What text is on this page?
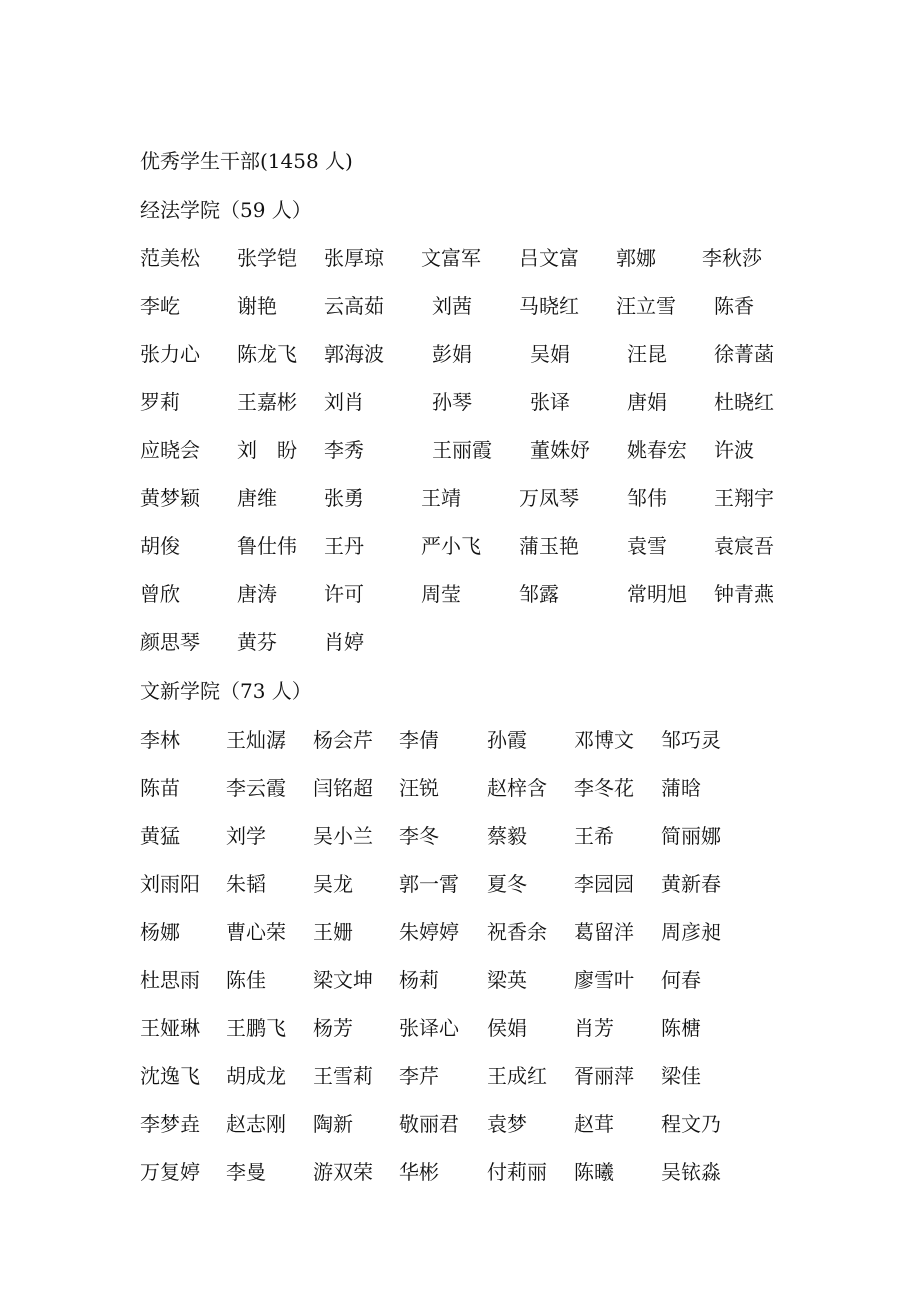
优秀学生干部(1458 人)
经法学院（59 人）
范美松 张学铠 张厚琼 文富军 吕文富 郭娜 李秋莎
李屹	谢艳 云高茹 刘茜 马晓红 汪立雪 陈香
张力心 陈龙飞 郭海波 彭娟	吴娟	汪昆 徐菁菡
罗莉	王嘉彬 刘肖	孙琴	张译	唐娟 杜晓红
应晓会 刘　盼 李秀	王丽霞 董姝妤 姚春宏 许波
黄梦颖 唐维 张勇	王靖	万凤琴 邹伟 王翔宇
胡俊	鲁仕伟 王丹	严小飞 蒲玉艳 袁雪 袁宸吾
曾欣	唐涛 许可	周莹	邹露	常明旭 钟青燕
颜思琴 黄芬 肖婷
文新学院（73 人）
李林 王灿潺 杨会芹 李倩 孙霞 邓博文 邹巧灵
陈苗 李云霞 闫铭超 汪锐 赵梓含 李冬花 蒲晗
黄猛 刘学 吴小兰 李冬 蔡毅 王希 简丽娜
刘雨阳 朱韬 吴龙 郭一霄 夏冬 李园园 黄新春
杨娜 曹心荣 王姗 朱婷婷 祝香余 葛留洋 周彦昶
杜思雨 陈佳 梁文坤 杨莉 梁英 廖雪叶 何春
王娅琳 王鹏飞 杨芳 张译心 侯娟 肖芳 陈榶
沈逸飞 胡成龙 王雪莉 李芹 王成红 胥丽萍 梁佳
李梦垚 赵志刚 陶新 敬丽君 袁梦 赵茸 程文乃
万复婷 李曼 游双荣 华彬 付莉丽 陈曦 吴铱淼
